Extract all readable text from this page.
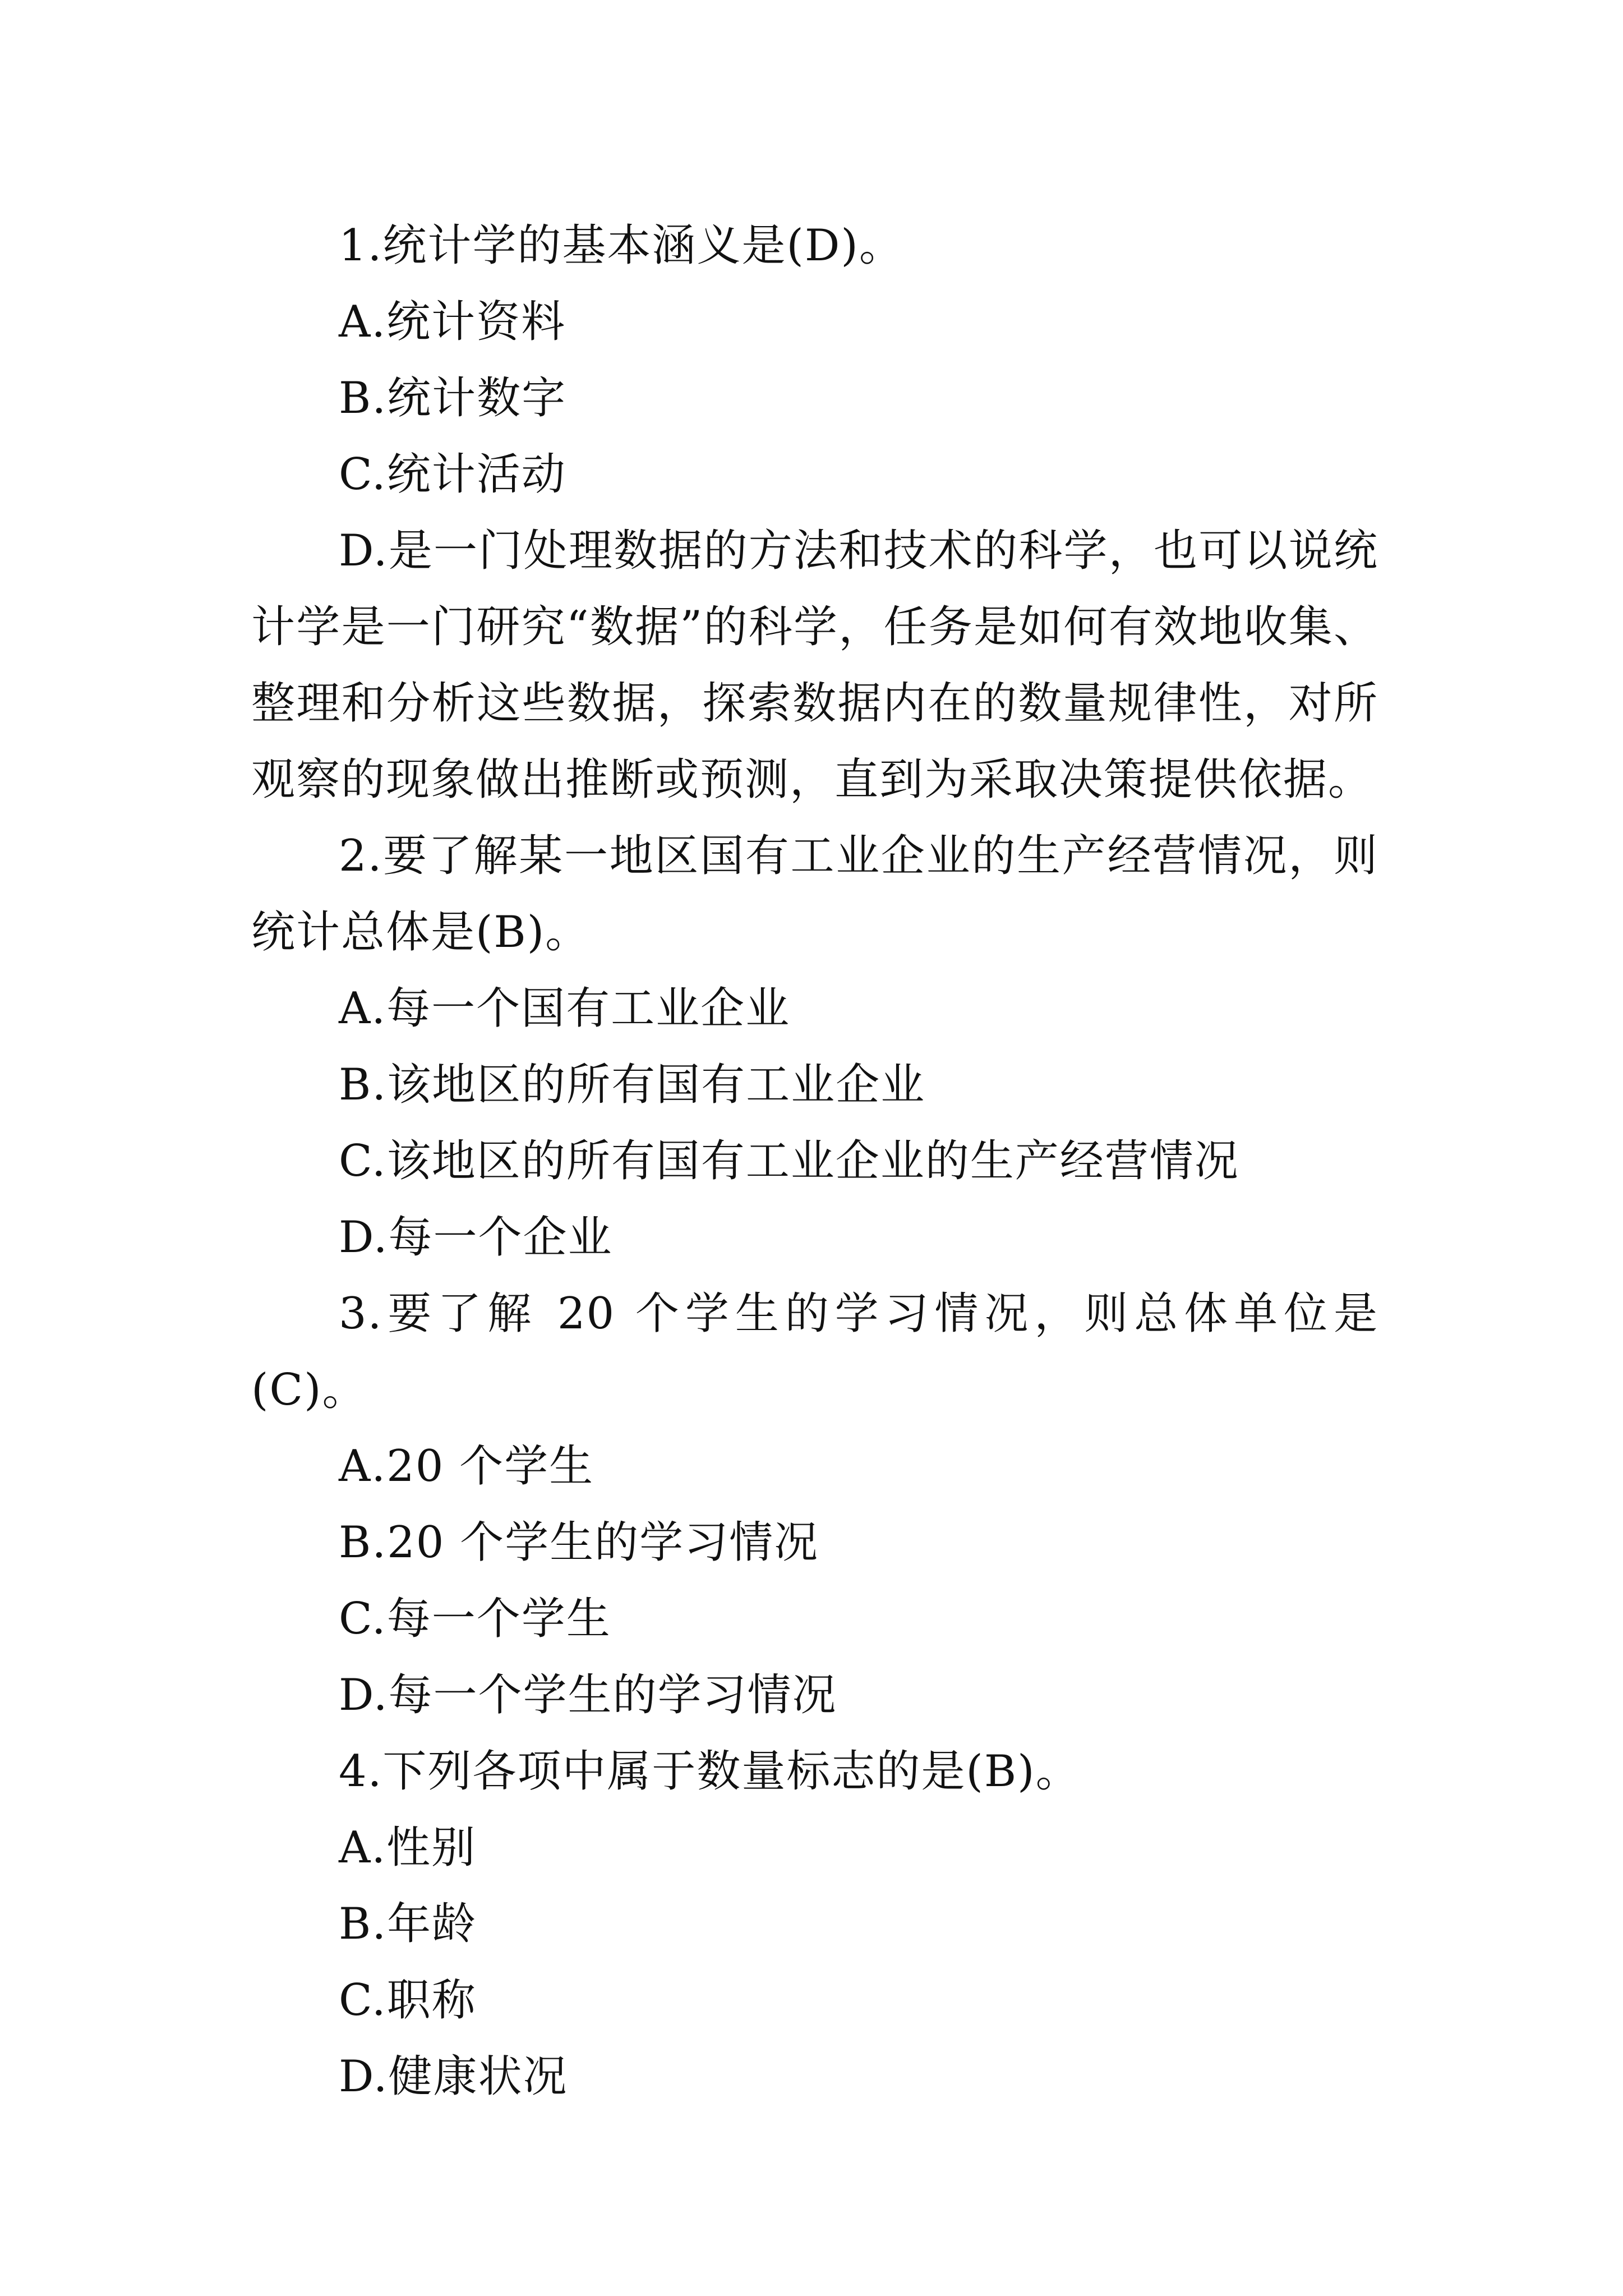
1.统计学的基本涵义是(D)。
A.统计资料
B.统计数字
C.统计活动
D.是一门处理数据的方法和技术的科学，也可以说统计学是一门研究“数据”的科学，任务是如何有效地收集、整理和分析这些数据，探索数据内在的数量规律性，对所观察的现象做出推断或预测，直到为采取决策提供依据。
2.要了解某一地区国有工业企业的生产经营情况，则统计总体是(B)。
A.每一个国有工业企业
B.该地区的所有国有工业企业
C.该地区的所有国有工业企业的生产经营情况
D.每一个企业
3.要了解 20 个学生的学习情况，则总体单位是(C)。
A.20 个学生
B.20 个学生的学习情况
C.每一个学生
D.每一个学生的学习情况
4.下列各项中属于数量标志的是(B)。
A.性别
B.年龄
C.职称
D.健康状况
